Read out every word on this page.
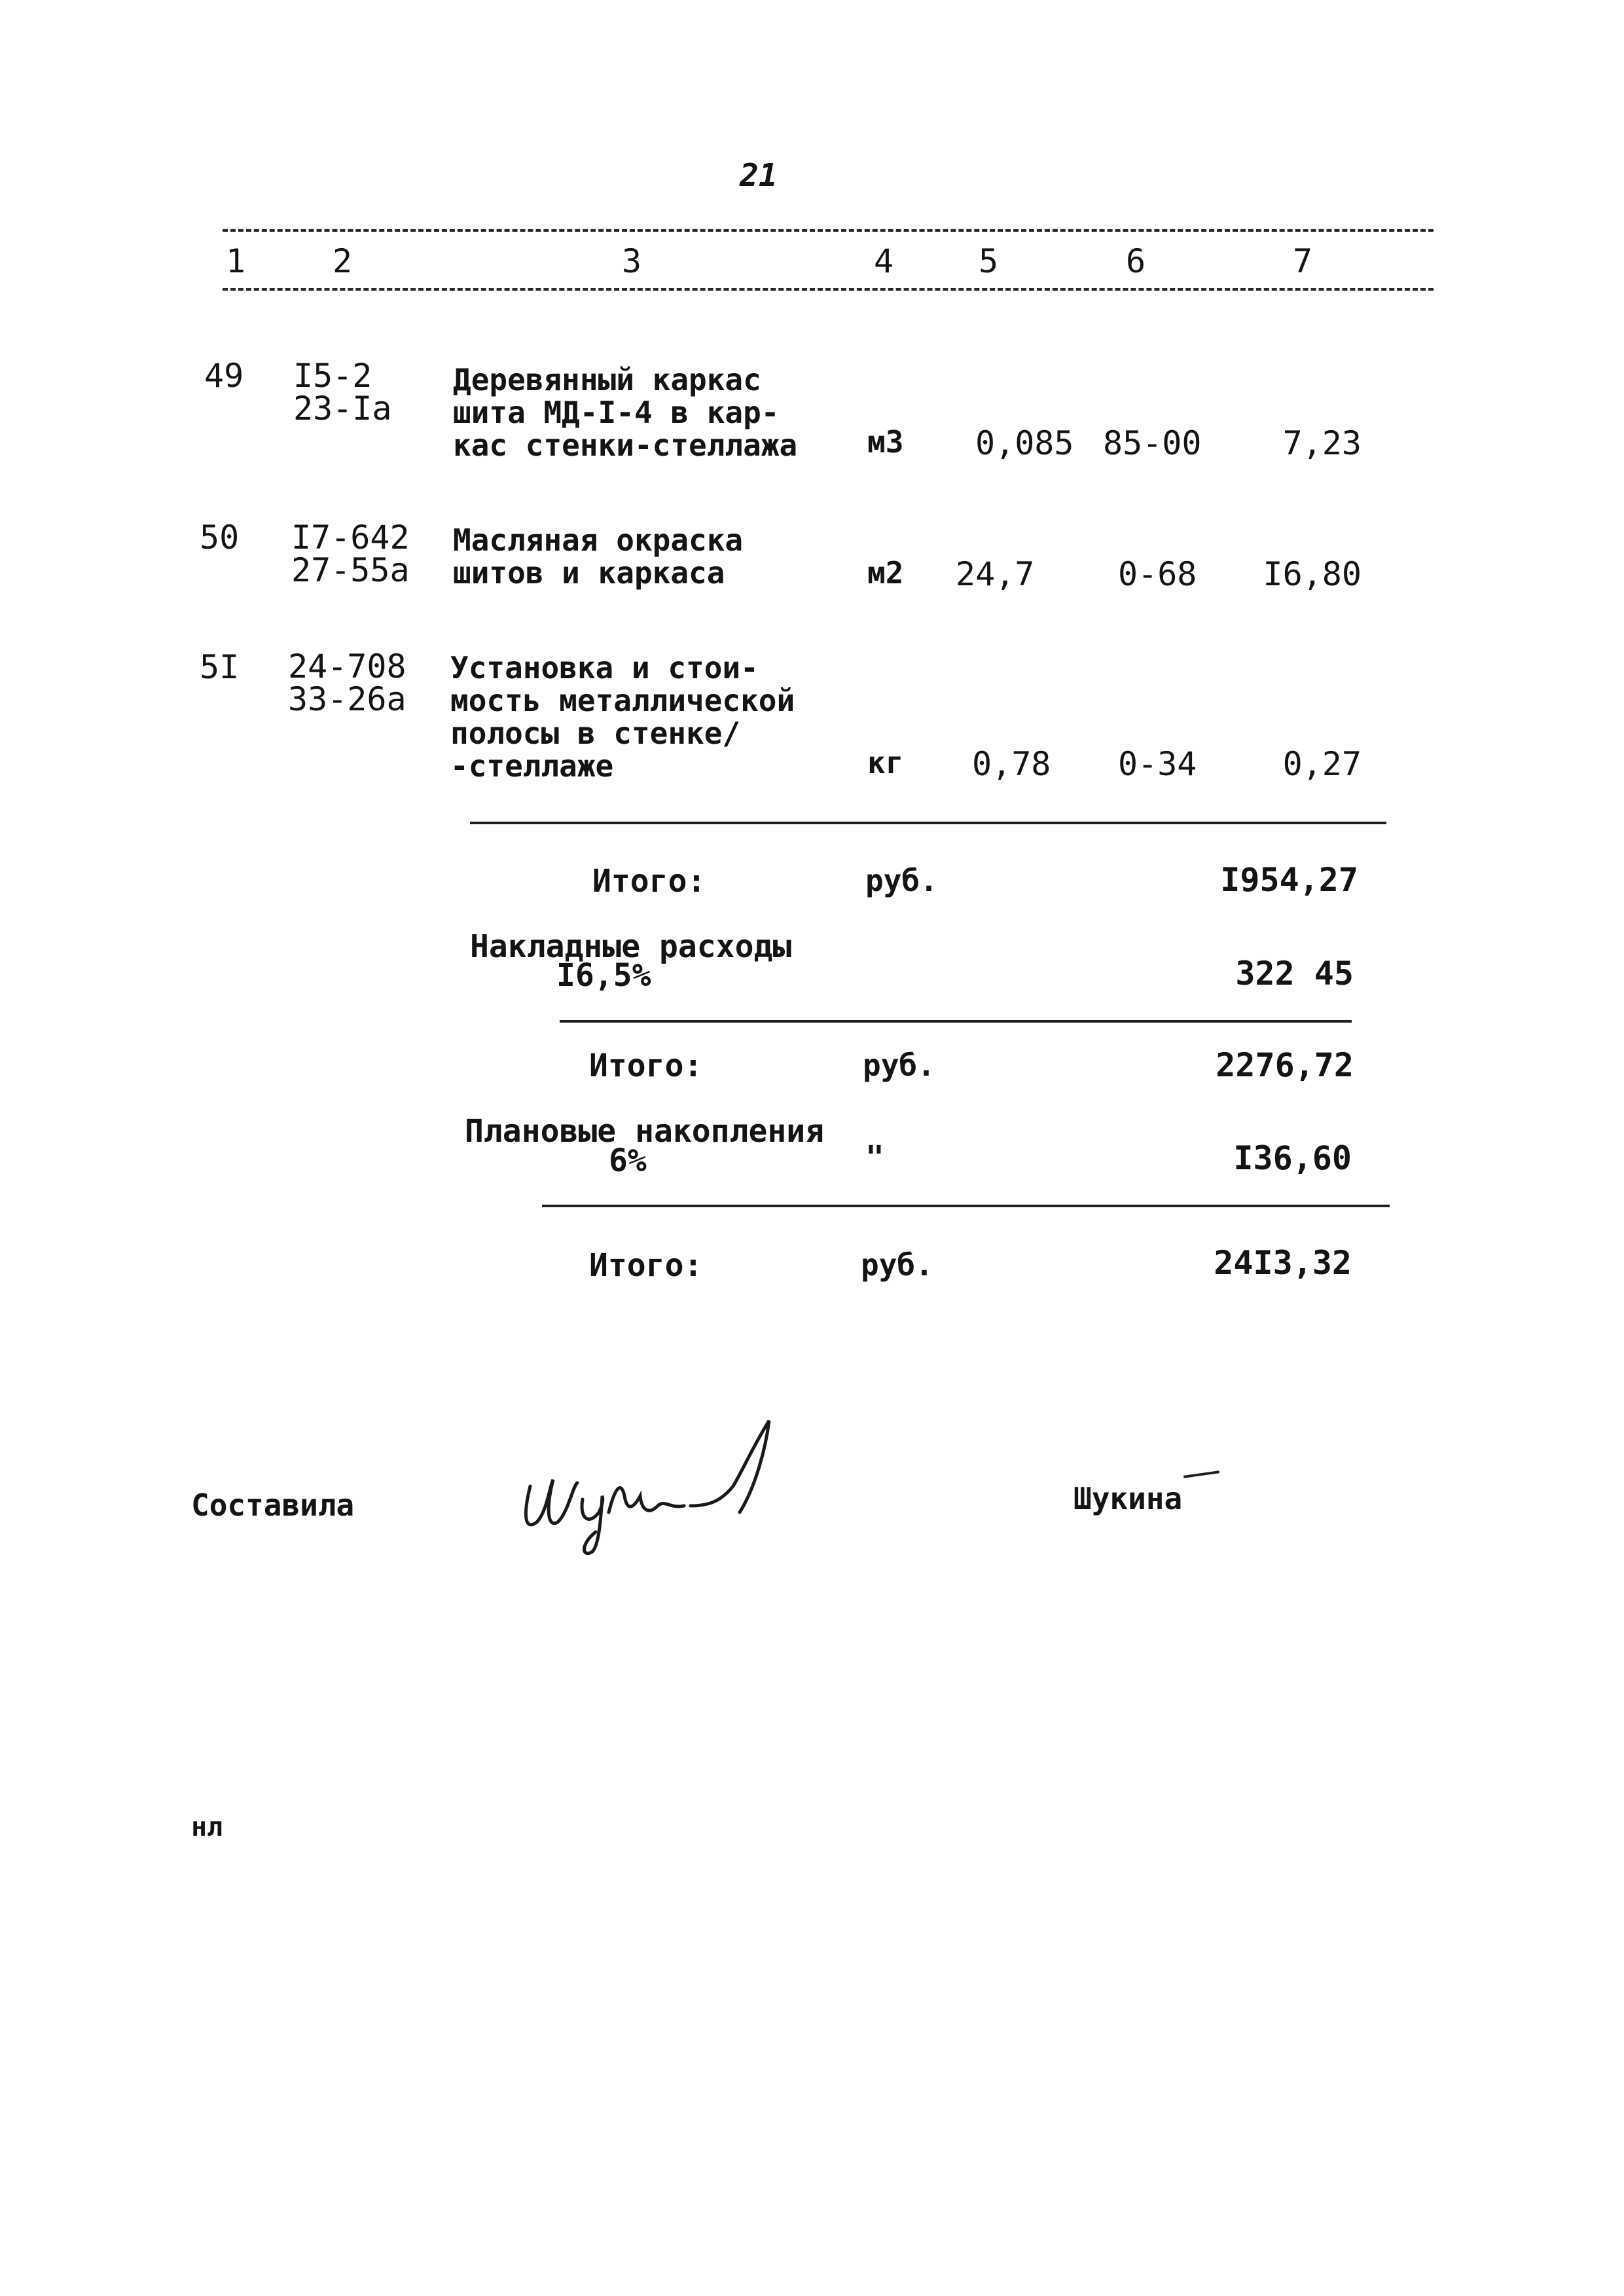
21
1	2	3	4	5	6	7
49 I5-2
23-Ia
Деревянный каркас
шита МД-I-4 в кар-
кас стенки-стеллажа м3 0,085 85-00	7,23
50 I7-642
27-55а
Масляная окраска
шитов и каркаса	м2 24,7	0-68	I6,80
5I 24-708
33-26а
Установка и стои-
мость металлической
полосы в стенке/
-стеллаже	кг 0,78 0-34	0,27
Итого:	руб.	I954,27
Накладные расходы
I6,5%	322 45
Итого:	руб.	2276,72
Плановые накопления
6%	"	I36,60
Итого:	руб.	24I3,32
Составила	Шукина
нл
